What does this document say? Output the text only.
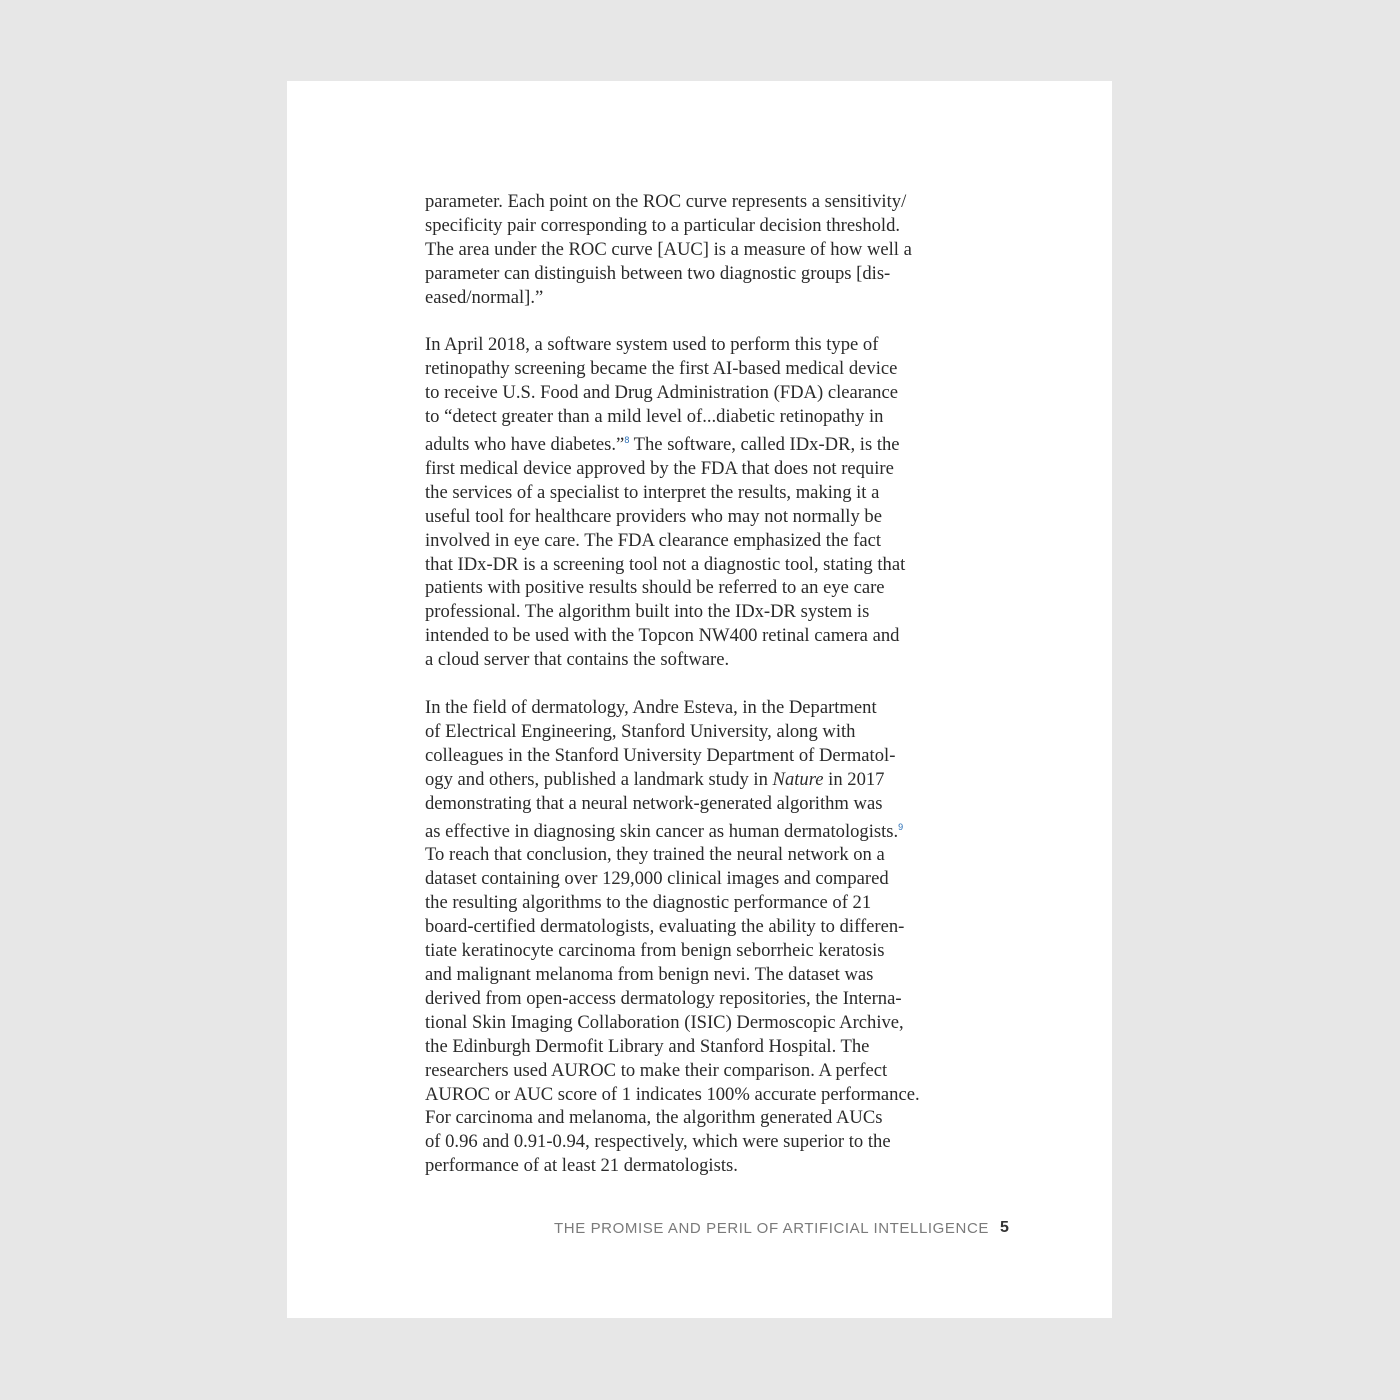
parameter. Each point on the ROC curve represents a sensitivity/
specificity pair corresponding to a particular decision threshold.
The area under the ROC curve [AUC] is a measure of how well a
parameter can distinguish between two diagnostic groups [dis-
eased/normal].”
In April 2018, a software system used to perform this type of
retinopathy screening became the first AI-based medical device
to receive U.S. Food and Drug Administration (FDA) clearance
to “detect greater than a mild level of...diabetic retinopathy in
adults who have diabetes.”$^8$ The software, called IDx-DR, is the
first medical device approved by the FDA that does not require
the services of a specialist to interpret the results, making it a
useful tool for healthcare providers who may not normally be
involved in eye care. The FDA clearance emphasized the fact
that IDx-DR is a screening tool not a diagnostic tool, stating that
patients with positive results should be referred to an eye care
professional. The algorithm built into the IDx-DR system is
intended to be used with the Topcon NW400 retinal camera and
a cloud server that contains the software.
In the field of dermatology, Andre Esteva, in the Department
of Electrical Engineering, Stanford University, along with
colleagues in the Stanford University Department of Dermatol-
ogy and others, published a landmark study in Nature in 2017
demonstrating that a neural network-generated algorithm was
as effective in diagnosing skin cancer as human dermatologists.$^9$
To reach that conclusion, they trained the neural network on a
dataset containing over 129,000 clinical images and compared
the resulting algorithms to the diagnostic performance of 21
board-certified dermatologists, evaluating the ability to differen-
tiate keratinocyte carcinoma from benign seborrheic keratosis
and malignant melanoma from benign nevi. The dataset was
derived from open-access dermatology repositories, the Interna-
tional Skin Imaging Collaboration (ISIC) Dermoscopic Archive,
the Edinburgh Dermofit Library and Stanford Hospital. The
researchers used AUROC to make their comparison. A perfect
AUROC or AUC score of 1 indicates 100% accurate performance.
For carcinoma and melanoma, the algorithm generated AUCs
of 0.96 and 0.91-0.94, respectively, which were superior to the
performance of at least 21 dermatologists.
THE PROMISE AND PERIL OF ARTIFICIAL INTELLIGENCE 5
